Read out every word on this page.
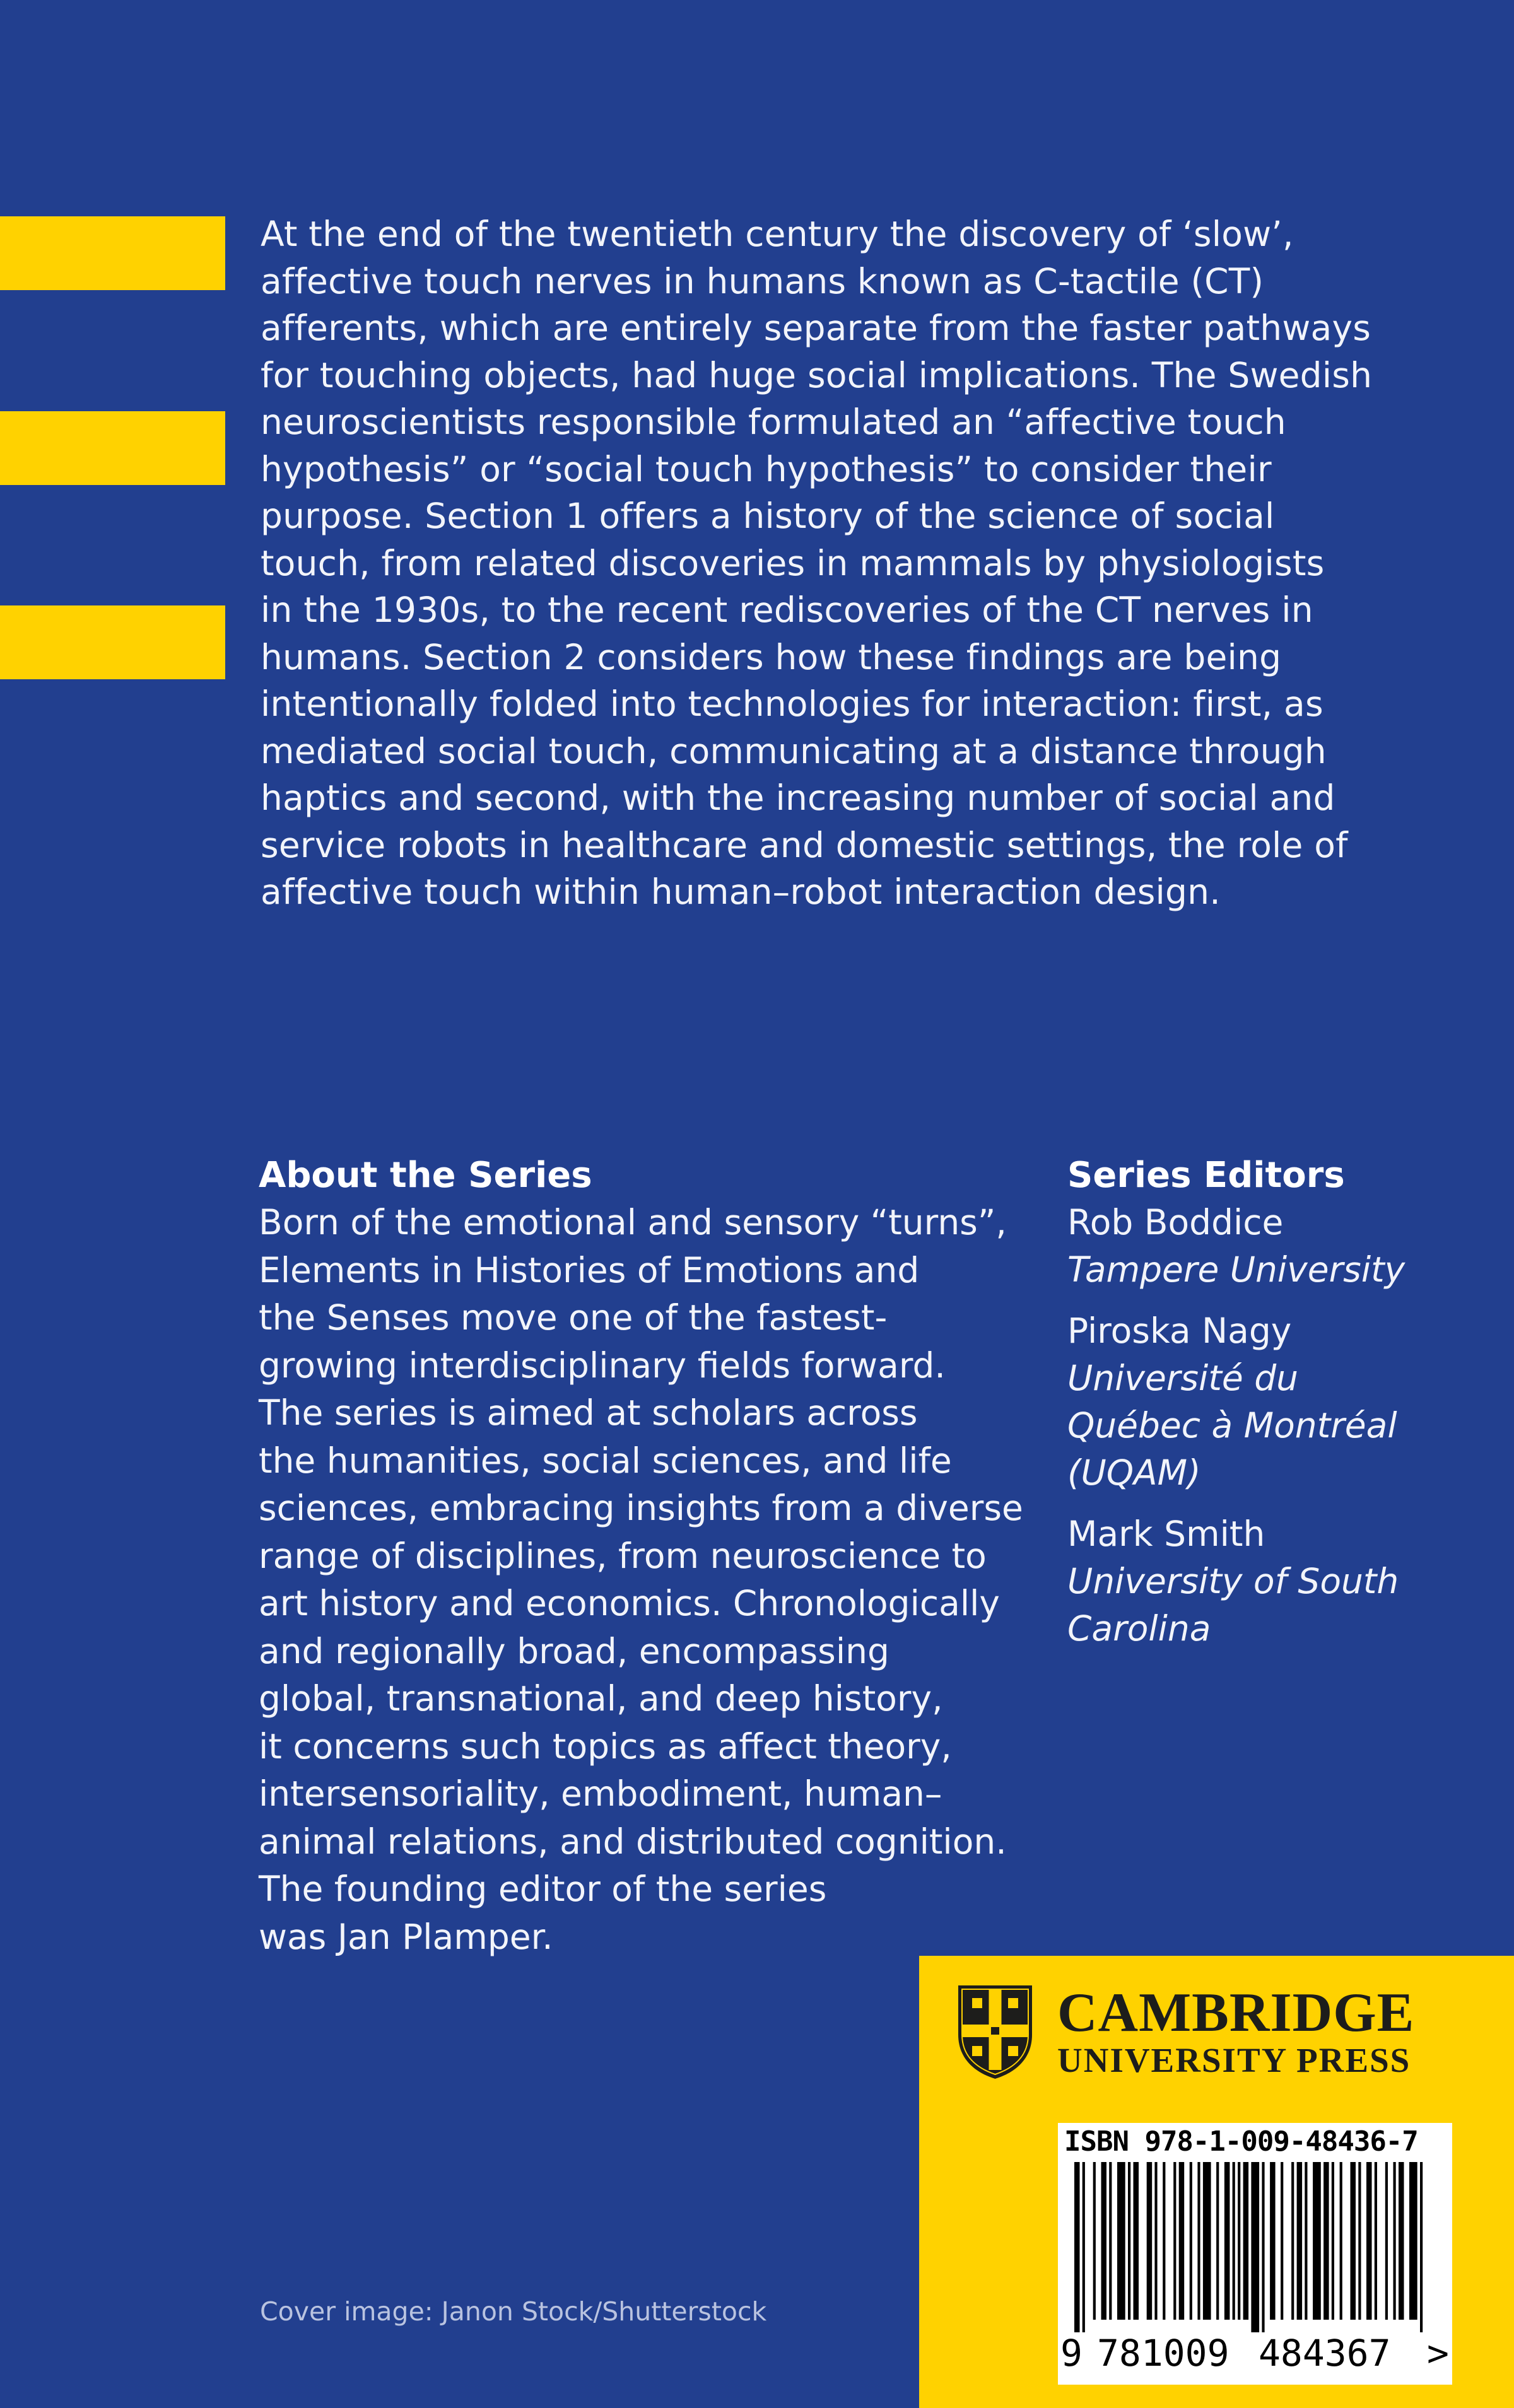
At the end of the twentieth century the discovery of ‘slow’,
affective touch nerves in humans known as C-tactile (CT)
afferents, which are entirely separate from the faster pathways
for touching objects, had huge social implications. The Swedish
neuroscientists responsible formulated an “affective touch
hypothesis” or “social touch hypothesis” to consider their
purpose. Section 1 offers a history of the science of social
touch, from related discoveries in mammals by physiologists
in the 1930s, to the recent rediscoveries of the CT nerves in
humans. Section 2 considers how these findings are being
intentionally folded into technologies for interaction: first, as
mediated social touch, communicating at a distance through
haptics and second, with the increasing number of social and
service robots in healthcare and domestic settings, the role of
affective touch within human–robot interaction design.

About the Series
Born of the emotional and sensory “turns”,
Elements in Histories of Emotions and
the Senses move one of the fastest-
growing interdisciplinary fields forward.
The series is aimed at scholars across
the humanities, social sciences, and life
sciences, embracing insights from a diverse
range of disciplines, from neuroscience to
art history and economics. Chronologically
and regionally broad, encompassing
global, transnational, and deep history,
it concerns such topics as affect theory,
intersensoriality, embodiment, human–
animal relations, and distributed cognition.
The founding editor of the series
was Jan Plamper.
Series Editors
Rob Boddice
Tampere University
Piroska Nagy
Université du
Québec à Montréal
(UQAM)
Mark Smith
University of South
Carolina
Cover image: Janon Stock/Shutterstock
CAMBRIDGE
UNIVERSITY PRESS
ISBN 978-1-009-48436-7
9 781009 484367 >
